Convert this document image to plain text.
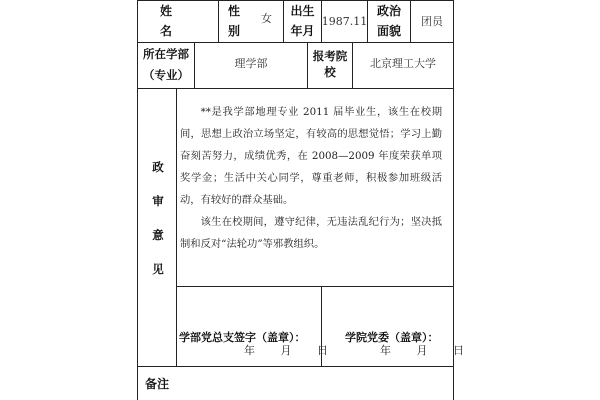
姓
名
性
别
女
出生
年月
1987.11
政治
面貌
团员
所在学部
（专业）
理学部
报考院校
北京理工大学
政
审
意
见

**是我学部地理专业 2011 届毕业生，该生在校期间，思想上政治立场坚定，有较高的思想觉悟；学习上勤奋刻苦努力，成绩优秀，在 2008—2009 年度荣获单项奖学金；生活中关心同学，尊重老师，积极参加班级活动，有较好的群众基础。

该生在校期间，遵守纪律，无违法乱纪行为；坚决抵制和反对“法轮功”等邪教组织。

学部党总支签字（盖章）：
年 月 日
学院党委（盖章）：
年 月 日
备注
